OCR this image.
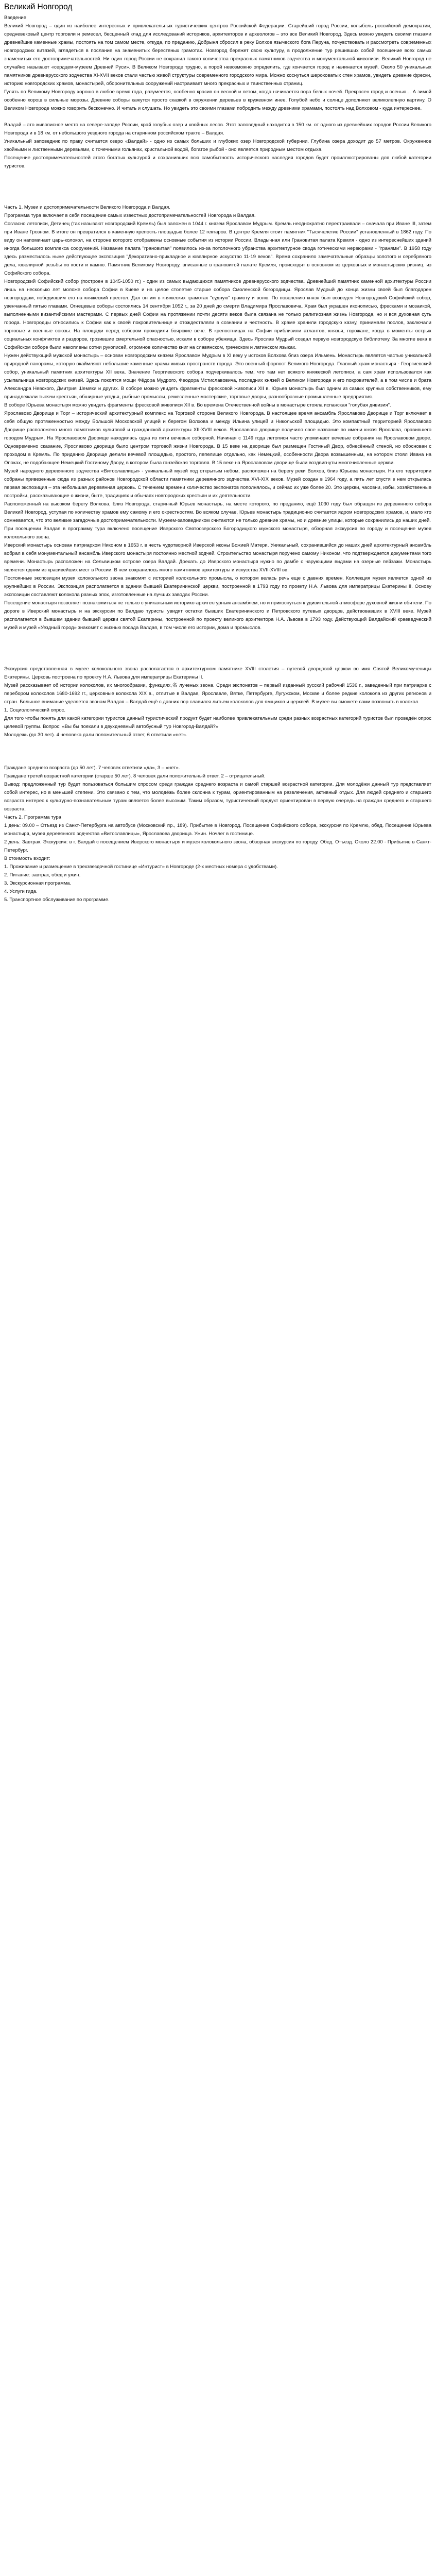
Великий Новгород

Введение

Великий Новгород – один из наиболее интересных и привлекательных туристических центров Российской Федерации. Старейший город России, колыбель российской демократии, средневековый центр торговли и ремесел, бесценный клад для исследований историков, архитекторов и археологов – это все Великий Новгород. Здесь можно увидеть своими глазами древнейшие каменные храмы, постоять на том самом месте, откуда, по преданию, Добрыня сбросил в реку Волхов языческого бога Перуна, почувствовать и рассмотреть современных новгородских витязей, вглядеться в послание на знаменитых берестяных грамотах. Новгород бережет свою культуру, в продолжение тур решивших собой посещение всех самых знаменитых его достопримечательностей. Ни один город России не сохранил такого количества прекрасных памятников зодчества и монументальной живописи. Великий Новгород не случайно называют «сердцем-музеем Древней Руси». В Великом Новгороде трудно, а порой невозможно определить, где кончается город и начинается музей. Около 50 уникальных памятников древнерусского зодчества XI-XVII веков стали частью живой структуры современного городского мира. Можно коснуться шероховатых стен храмов, увидеть древние фрески, историю новгородских храмов, монастырей, оборонительных сооружений настраивает много прекрасных и таинственных страниц.

Гулять по Великому Новгороду хорошо в любое время года, разумеется, особенно красив он весной и летом, когда начинается пора белых ночей. Прекрасен город и осенью… А зимой особенно хорош в сильные морозы. Древние соборы кажутся просто сказкой в окружении деревьев в кружевном инее. Голубой небо и солнце дополняют великолепную картину. О Великом Новгороде можно говорить бесконечно. И читать и слушать. Но увидеть это своими глазами побродить между древними храмами, постоять над Волховом - куда интереснее.

Валдай – это живописное место на севере-западе России, край голубых озер и хвойных лесов. Этот заповедный находится в 150 км. от одного из древнейших городов России Великого Новгорода и в 18 км. от небольшого уездного города на старинном российском тракте – Валдая.

Уникальный заповедник по праву считается озеро «Валдай» - одно из самых больших и глубоких озер Новгородской губернии. Глубина озера доходит до 57 метров. Окруженное хвойными и лиственными деревьями, с точечными гольянах, кристальной водой, богатое рыбой - оно является природным местом отдыха.

Посещение достопримечательностей этого богатых культурой и сохранивших всю самобытность исторического наследия городов будет проиллюстрированы для любой категории туристов.

Часть 1. Музеи и достопримечательности Великого Новгорода и Валдая.

Программа тура включает в себя посещение самых известных достопримечательностей Новгорода и Валдая.

Согласно летописи, Детинец (так называют новгородский Кремль) был заложен в 1044 г. князем Ярославом Мудрым. Кремль неоднократно перестраивали – сначала при Иване III, затем при Иване Грозном. В итоге он превратился в каменную крепость площадью более 12 гектаров. В центре Кремля стоит памятник "Тысячелетие России" установленный в 1862 году. По виду он напоминает царь-колокол, на стороне которого отображены основные события из истории России. Владычная или Грановитая палата Кремля - одно из интереснейших зданий иногда большого комплекса сооружений. Название палата "грановитая" появилось из-за потолочного убранства архитектурное свода готическими нервюрами - "гранями". В 1958 году здесь разместилось ныне действующее экспозиция "Декоративно-прикладное и ювелирное искусство 11-19 веков". Время сохранило замечательные образцы золотого и серебряного дела, ювелирной резьбы по кости и камню. Памятник Великому Новгороду, вписанные в грановитой палате Кремля, происходят в основном из церковных и монастырских ризниц, из Софийского собора.

Новгородский Софийский собор (построен в 1045-1050 гг.) - один из самых выдающихся памятников древнерусского зодчества. Древнейший памятник каменной архитектуры России лишь на несколько лет моложе собора Софии в Киеве и на целое столетие старше собора Смоленской богородицы. Ярослав Мудрый до конца жизни своей был благодарен новгородцам, победившим его на княжеский престол. Дал он им в княжеских грамотах "судную" грамоту и волю. По повелению князя был возведен Новгородский Софийский собор, увенчанный пятью главами. Огнецевые соборы состоялись 14 сентября 1052 г., за 20 дней до смерти Владимира Ярославовича. Храм был украшен иконописью, фресками и мозаикой, выполненными византийскими мастерами. С первых дней Софии на протяжении почти десяти веков была связана не только религиозная жизнь Новгорода, но и вся духовная суть города. Новгородцы относились к Софии как к своей покровительнице и отождествляли в сознании и честность. В храме хранили городскую казну, принимали послов, заключали торговые и военные союзы. На площади перед собором проходили боярские вече. В крепостницах на Софии приблизили атлантов, князья, горожане, когда в моменты острых социальных конфликтов и раздоров, грозившие смертельной опасностью, искали в соборе убежища. Здесь Ярослав Мудрый создал первую новгородскую библиотеку. За многие века в Софийском соборе были накоплены сотни рукописей, огромное количество книг на славянском, греческом и латинском языках.

Нужен действующий мужской монастырь – основан новгородским князем Ярославом Мудрым в XI веку у истоков Волхова близ озера Ильмень. Монастырь является частью уникальной природной панорамы, которую окаймляют небольшие каменные храмы живых пространств города. Это военный форпост Великого Новгорода. Главный храм монастыря - Георгиевский собор, уникальный памятник архитектуры XII века. Значение Георгиевского собора подчеркивалось тем, что там нет всякого княжеской летописи, а сам храм использовался как усыпальница новгородских князей. Здесь покоятся мощи Фёдора Мудрого, Феодора Мстиславовича, последних князей о Великом Новгороде и его покровителей, а в том числе и брата Александра Невского, Дмитрия Шемяки и других. В соборе можно увидеть фрагменты фресковой живописи XII в. Юрьев монастырь был одним из самых крупных собственников, ему принадлежали тысячи крестьян, обширные угодья, рыбные промыслы, ремесленные мастерские, торговые дворы, разнообразные промышленные предприятия.

В соборе Юрьева монастыря можно увидеть фрагменты фресковой живописи XII в. Во времена Отечественной войны в монастыре стояла испанская "голубая дивизия".

Ярославово Дворище и Торг – исторический архитектурный комплекс на Торговой стороне Великого Новгорода. В настоящее время ансамбль Ярославово Дворище и Торг включает в себя общую протяженностью между Большой Московской улицей и берегом Волхова и между Ильина улицей и Никольской площадью. Это компактный территорией Ярославово Дворище расположено много памятников культовой и гражданской архитектуры XII-XVIII веков. Ярославово дворище получило свое название по имени князя Ярослава, правившего городом Мудрым. На Ярославовом Дворище находилась одна из пяти вечевых соборной. Начиная с 1149 года летописи часто упоминают вечевые собрания на Ярославовом дворе. Одновременно сказание, Ярославово дворище было центром торговой жизни Новгорода. В 15 веке на дворище был размещен Гостиный Двор, обнесённый стеной, но обоснован с проходом в Кремль. По приданию Дворище делили вечевой площадью, простого, пепелище отдельно, как Немецкий, особенности Двора возвышенным, на котором стоял Ивана на Опоках, не подобающее Немецкий Гостиному Двору, в котором была ганзейская торговля. В 15 веке на Ярославовом дворище были воздвигнуты многочисленные церкви.

Музей народного деревянного зодчества «Витославлицы» - уникальный музей под открытым небом, расположен на берегу реки Волхов, близ Юрьева монастыря. На его территории собраны привезенные сюда из разных районов Новгородской области памятники деревянного зодчества XVI-XIX веков. Музей создан в 1964 году, а пять лет спустя в нем открылась первая экспозиция – эта небольшая деревянная церковь. С течением времени количество экспонатов пополнялось, и сейчас их уже более 20. Это церкви, часовни, избы, хозяйственные постройки, рассказывающие о жизни, быте, традициях и обычаях новгородских крестьян и их деятельности.

Расположенный на высоком берегу Волхова, близ Новгорода, старинный Юрьев монастырь, на месте которого, по преданию, ещё 1030 году был обращен из деревянного собора Великий Новгород, уступая по количеству храмов ему самому и его окрестностям. Во всяком случае, Юрьев монастырь традиционно считается ядром новгородских храмов, и, мало кто сомневается, что это великие загадочные достопримечательности. Музеем-заповедником считаются не только древние храмы, но и древние улицы, которые сохранились до наших дней.

При посещении Валдая в программу тура включено посещение Иверского Святоозерского Богородицкого мужского монастыря, обзорная экскурсия по городу и посещение музея колокольного звона.

Иверский монастырь основан патриархом Никоном в 1653 г. в честь чудотворной Иверской иконы Божией Матери. Уникальный, сохранившийся до наших дней архитектурный ансамбль вобрал в себя монументальный ансамбль Иверского монастыря постоянно местной зодчей. Строительство монастыря поручено самому Никоном, что подтверждается документами того времени. Монастырь расположен на Сельвицком острове озера Валдай. Доехать до Иверского монастыря нужно по дамбе с чарующими видами на озерные пейзажи. Монастырь является одним из красивейших мест в России. В нем сохранилось много памятников архитектуры и искусства XVII-XVIII вв.

Постоянные экспозиции музея колокольного звона знакомят с историей колокольного промысла, о котором велась речь еще с давних времен. Коллекция музея является одной из крупнейших в России. Экспозиция располагается в здании бывшей Екатерининской церкви, построенной в 1793 году по проекту Н.А. Львова для императрицы Екатерины II. Основу экспозиции составляют колокола разных эпох, изготовленные на лучших заводах России.

Посещение монастыря позволяет познакомиться не только с уникальным историко-архитектурным ансамблем, но и прикоснуться к удивительной атмосфере духовной жизни обители. По дороге в Иверский монастырь и на экскурсии по Валдаю туристы увидят остатки бывших Екатерининского и Петровского путевых дворцов, действовавших в XVIII веке. Музей располагается в бывшем здании бывшей церкви святой Екатерины, построенной по проекту великого архитектора Н.А. Львова в 1793 году. Действующий Валдайский краеведческий музей и музей «Уездный город» знакомят с жизнью посада Валдая, в том числе его истории, дома и промыслов.

Экскурсия представленная в музее колокольного звона располагается в архитектурном памятнике XVIII столетия – путевой дворцовой церкви во имя Святой Великомученицы Екатерины. Церковь построена по проекту Н.А. Львова для императрицы Екатерины II.

Музей рассказывает об истории колоколов, их многообразии, функциях,名 лученых звона. Среди экспонатов – первый изданный русский рабочий 1536 г., заведенный при патриархе с перебором колоколов 1680-1692 гг., церковные колокола XIX в., отлитые в Валдае, Ярославле, Вятке, Петербурге, Лугужском, Москве и более редкие колокола из других регионов и стран. Большое внимание уделяется звонам Валдая – Валдай ещё с давних пор славился литьем колоколов для ямщиков и церквей. В музее вы сможете сами позвонить в колокол.

1. Социологический опрос.

Для того чтобы понять для какой категории туристов данный туристический продукт будет наиболее привлекательным среди разных возрастных категорий туристов был проведён опрос целевой группы. Вопрос: «Вы бы поехали в двухдневный автобусный тур Новгород-Валдай?»

Молодежь (до 30 лет). 4 человека дали положительный ответ, 6 ответили «нет».

Граждане среднего возраста (до 50 лет). 7 человек ответили «да», 3 – «нет».

Граждане третей возрастной категории (старше 50 лет). 8 человек дали положительный ответ, 2 – отрицательный.

Вывод: предложенный тур будет пользоваться большим спросом среди граждан среднего возраста и самой старшей возрастной категории. Для молодёжи данный тур представляет собой интерес, но в меньшей степени. Это связано с тем, что молодёжь более склонна к турам, ориентированным на развлечения, активный отдых. Для людей среднего и старшего возраста интерес к культурно-познавательным турам является более высоким. Таким образом, туристический продукт ориентирован в первую очередь на граждан среднего и старшего возраста.

Часть 2. Программа тура

1 день: 09.00 – Отъезд из Санкт-Петербурга на автобусе (Московский пр., 189). Прибытие в Новгород. Посещение Софийского собора, экскурсия по Кремлю, обед. Посещение Юрьева монастыря, музея деревянного зодчества «Витославлицы», Ярославова дворища. Ужин. Ночлег в гостинице.

2 день: Завтрак. Экскурсия: в г. Валдай с посещением Иверского монастыря и музея колокольного звона, обзорная экскурсия по городу. Обед. Отъезд. Около 22.00 - Прибытие в Санкт-Петербург.

В стоимость входит:

1. Проживание и размещение в трехзвездочной гостинице «Интурист» в Новгороде (2-х местных номера с удобствами).

2. Питание: завтрак, обед и ужин.

3. Экскурсионная программа.

4. Услуги гида.

5. Транспортное обслуживание по программе.
